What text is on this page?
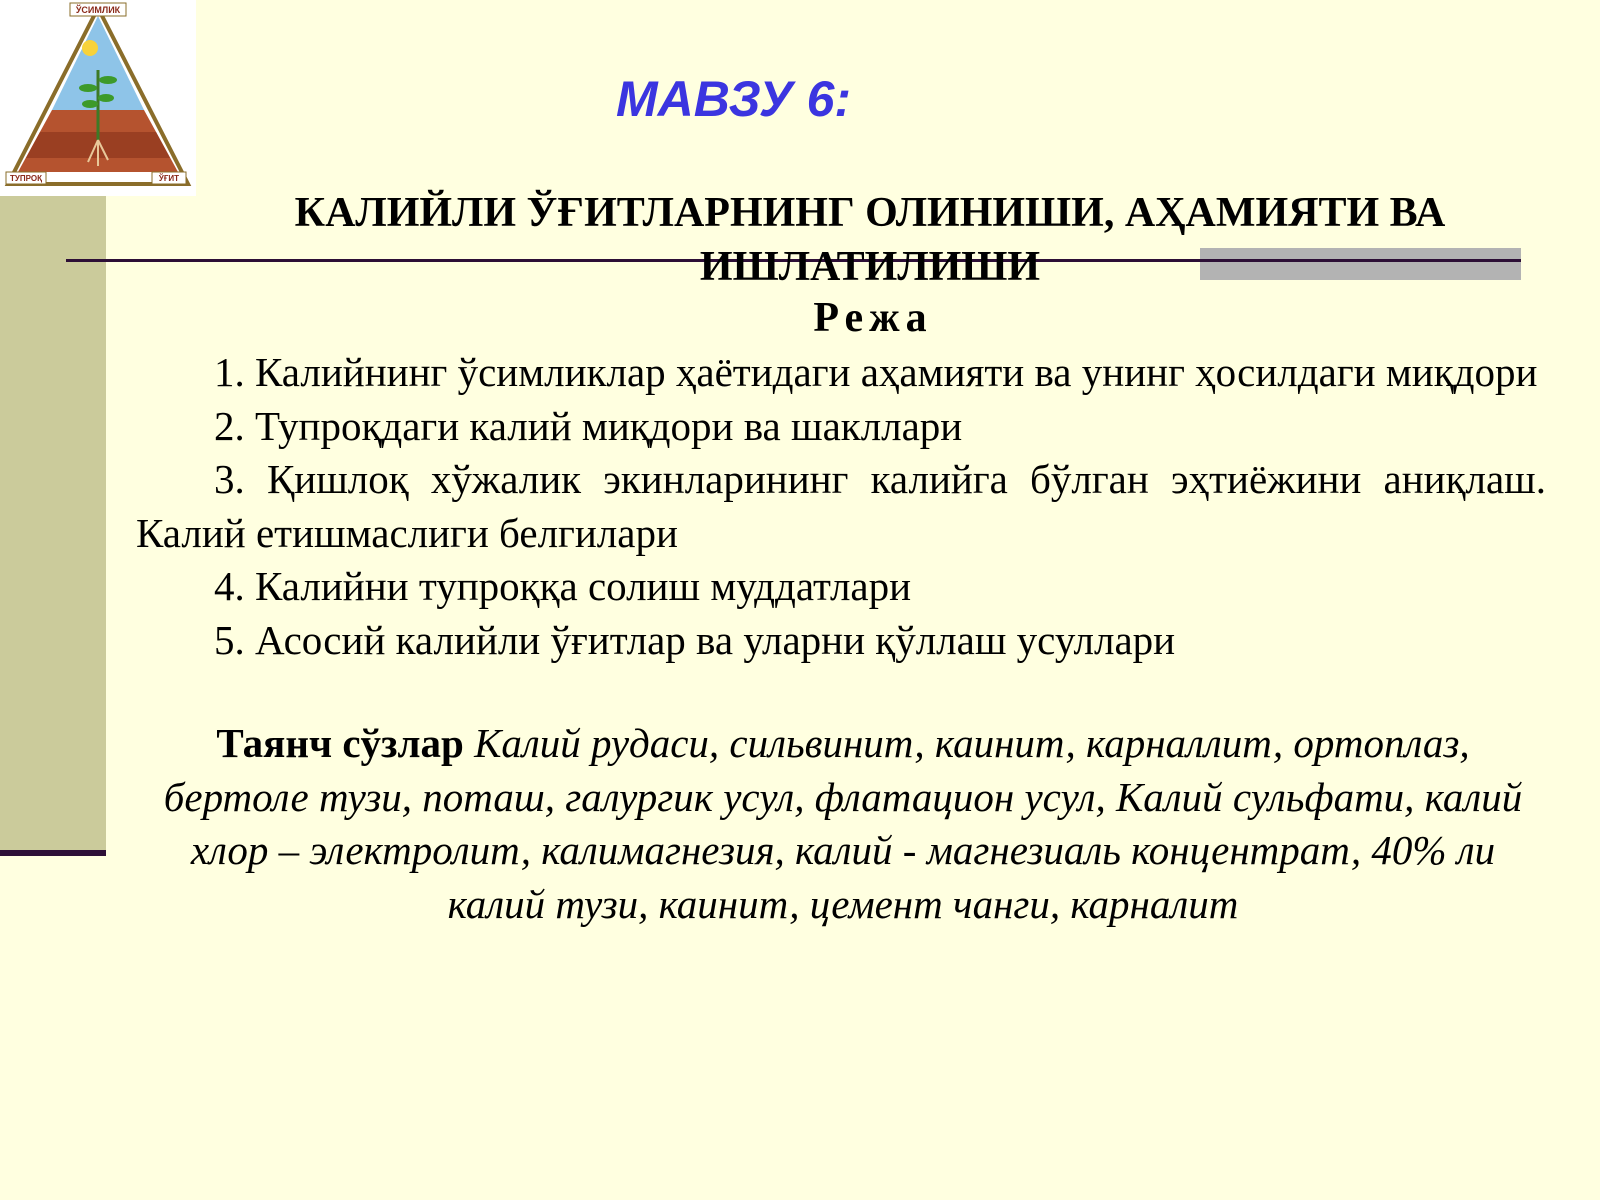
ЎСИМЛИК
ТУПРОҚ	ЎҒИТ
МАВЗУ 6:
КАЛИЙЛИ ЎҒИТЛАРНИНГ ОЛИНИШИ, АҲАМИЯТИ ВА ИШЛАТИЛИШИ
Режа

1. Калийнинг ўсимликлар ҳаётидаги аҳамияти ва унинг ҳосилдаги миқдори

2. Тупроқдаги калий миқдори ва шакллари

3. Қишлоқ хўжалик экинларининг калийга бўлган эҳтиёжини аниқлаш. Калий етишмаслиги белгилари

4. Калийни тупроққа солиш муддатлари

5. Асосий калийли ўғитлар ва уларни қўллаш усуллари

Таянч сўзлар Калий рудаси, сильвинит, каинит, карналлит, ортоплаз, бертоле тузи, поташ, галургик усул, флатацион усул, Калий сульфати, калий хлор – электролит, калимагнезия, калий - магнезиаль концентрат, 40% ли калий тузи, каинит, цемент чанги, карналит
